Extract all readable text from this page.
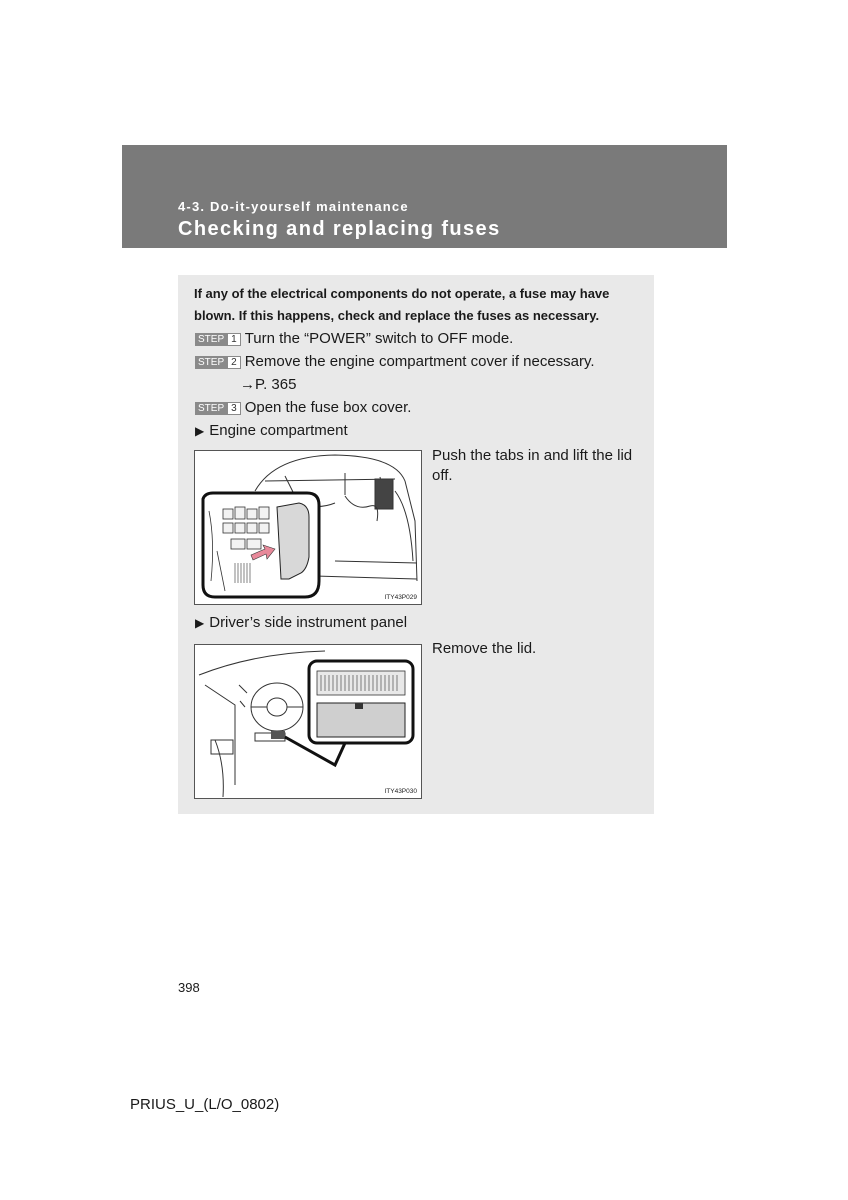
4-3. Do-it-yourself maintenance
Checking and replacing fuses
If any of the electrical components do not operate, a fuse may have blown. If this happens, check and replace the fuses as necessary.
STEP 1 Turn the “POWER” switch to OFF mode.
STEP 2 Remove the engine compartment cover if necessary.
→P. 365
STEP 3 Open the fuse box cover.
▶ Engine compartment
ITY43P029
Push the tabs in and lift the lid off.
▶ Driver’s side instrument panel
ITY43P030
Remove the lid.
398
PRIUS_U_(L/O_0802)
